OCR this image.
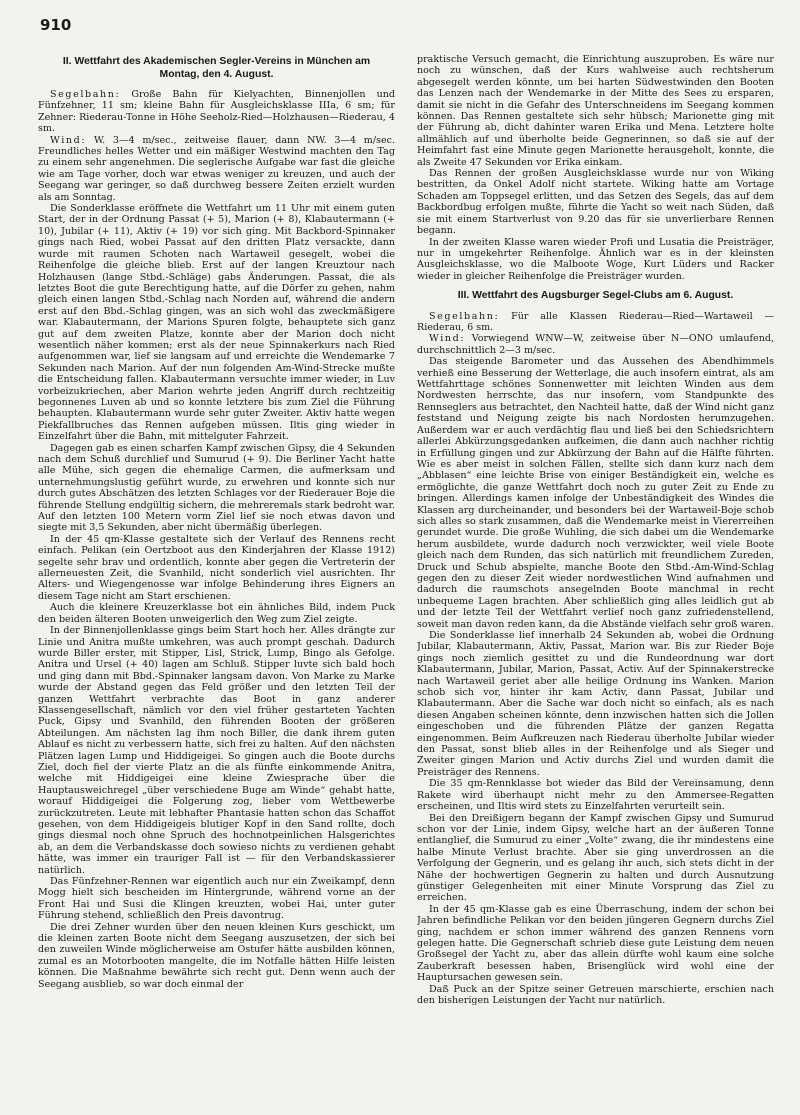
910
II. Wettfahrt des Akademischen Segler-Vereins in München am Montag, den 4. August.

Segelbahn: Große Bahn für Kielyachten, Binnenjollen und Fünfzehner, 11 sm; kleine Bahn für Ausgleichsklasse IIIa, 6 sm; für Zehner: Riederau-Tonne in Höhe Seeholz-Ried—Holzhausen—Riederau, 4 sm.

Wind: W. 3—4 m/sec., zeitweise flauer, dann NW. 3—4 m/sec. Freundliches helles Wetter und ein mäßiger Westwind machten den Tag zu einem sehr angenehmen. Die seglerische Aufgabe war fast die gleiche wie am Tage vorher, doch war etwas weniger zu kreuzen, und auch der Seegang war geringer, so daß durchweg bessere Zeiten erzielt wurden als am Sonntag.

Die Sonderklasse eröffnete die Wettfahrt um 11 Uhr mit einem guten Start, der in der Ordnung Passat (+ 5), Marion (+ 8), Klabautermann (+ 10), Jubilar (+ 11), Aktiv (+ 19) vor sich ging. Mit Backbord-Spinnaker gings nach Ried, wobei Passat auf den dritten Platz versackte, dann wurde mit raumen Schoten nach Wartaweil gesegelt, wobei die Reihenfolge die gleiche blieb. Erst auf der langen Kreuztour nach Holzhausen (lange Stbd.-Schläge) gabs Änderungen. Passat, die als letztes Boot die gute Berechtigung hatte, auf die Dörfer zu gehen, nahm gleich einen langen Stbd.-Schlag nach Norden auf, während die andern erst auf den Bbd.-Schlag gingen, was an sich wohl das zweckmäßigere war. Klabautermann, der Marions Spuren folgte, behauptete sich ganz gut auf dem zweiten Platze, konnte aber der Marion doch nicht wesentlich näher kommen; erst als der neue Spinnakerkurs nach Ried aufgenommen war, lief sie langsam auf und erreichte die Wendemarke 7 Sekunden nach Marion. Auf der nun folgenden Am-Wind-Strecke mußte die Entscheidung fallen. Klabautermann versuchte immer wieder, in Luv vorbeizukriechen, aber Marion wehrte jeden Angriff durch rechtzeitig begonnenes Luven ab und so konnte letztere bis zum Ziel die Führung behaupten. Klabautermann wurde sehr guter Zweiter. Aktiv hatte wegen Piekfallbruches das Rennen aufgeben müssen. Iltis ging wieder in Einzelfahrt über die Bahn, mit mittelguter Fahrzeit.

Dagegen gab es einen scharfen Kampf zwischen Gipsy, die 4 Sekunden nach dem Schuß durchlief und Sumurud (+ 9). Die Berliner Yacht hatte alle Mühe, sich gegen die ehemalige Carmen, die aufmerksam und unternehmungslustig geführt wurde, zu erwehren und konnte sich nur durch gutes Abschätzen des letzten Schlages vor der Riederauer Boje die führende Stellung endgültig sichern, die mehreremals stark bedroht war. Auf den letzten 100 Metern vorm Ziel lief sie noch etwas davon und siegte mit 3,5 Sekunden, aber nicht übermäßig überlegen.

In der 45 qm-Klasse gestaltete sich der Verlauf des Rennens recht einfach. Pelikan (ein Oertzboot aus den Kinderjahren der Klasse 1912) segelte sehr brav und ordentlich, konnte aber gegen die Vertreterin der allerneuesten Zeit, die Svanhild, nicht sonderlich viel ausrichten. Ihr Alters- und Wiegengenosse war infolge Behinderung ihres Eigners an diesem Tage nicht am Start erschienen.

Auch die kleinere Kreuzerklasse bot ein ähnliches Bild, indem Puck den beiden älteren Booten unweigerlich den Weg zum Ziel zeigte.

In der Binnenjollenklasse gings beim Start hoch her. Alles drängte zur Linie und Anitra mußte umkehren, was auch prompt geschah. Dadurch wurde Biller erster, mit Stipper, Lisl, Strick, Lump, Bingo als Gefolge. Anitra und Ursel (+ 40) lagen am Schluß. Stipper luvte sich bald hoch und ging dann mit Bbd.-Spinnaker langsam davon. Von Marke zu Marke wurde der Abstand gegen das Feld größer und den letzten Teil der ganzen Wettfahrt verbrachte das Boot in ganz anderer Klassengesellschaft, nämlich vor den viel früher gestarteten Yachten Puck, Gipsy und Svanhild, den führenden Booten der größeren Abteilungen. Am nächsten lag ihm noch Biller, die dank ihrem guten Ablauf es nicht zu verbessern hatte, sich frei zu halten. Auf den nächsten Plätzen lagen Lump und Hiddigeigei. So gingen auch die Boote durchs Ziel, doch fiel der vierte Platz an die als fünfte einkommende Anitra, welche mit Hiddigeigei eine kleine Zwiesprache über die Hauptausweichregel „über verschiedene Buge am Winde“ gehabt hatte, worauf Hiddigeigei die Folgerung zog, lieber vom Wettbewerbe zurückzutreten. Leute mit lebhafter Phantasie hatten schon das Schaffot gesehen, von dem Hiddigeigeis blutiger Kopf in den Sand rollte, doch gings diesmal noch ohne Spruch des hochnotpeinlichen Halsgerichtes ab, an dem die Verbandskasse doch sowieso nichts zu verdienen gehabt hätte, was immer ein trauriger Fall ist — für den Verbandskassierer natürlich.

Das Fünfzehner-Rennen war eigentlich auch nur ein Zweikampf, denn Mogg hielt sich bescheiden im Hintergrunde, während vorne an der Front Hai und Susi die Klingen kreuzten, wobei Hai, unter guter Führung stehend, schließlich den Preis davontrug.

Die drei Zehner wurden über den neuen kleinen Kurs geschickt, um die kleinen zarten Boote nicht dem Seegang auszusetzen, der sich bei den zuweilen Winde möglicherweise am Ostufer hätte ausbilden können, zumal es an Motorbooten mangelte, die im Notfalle hätten Hilfe leisten können. Die Maßnahme bewährte sich recht gut. Denn wenn auch der Seegang ausblieb, so war doch einmal der

praktische Versuch gemacht, die Einrichtung auszuproben. Es wäre nur noch zu wünschen, daß der Kurs wahlweise auch rechtsherum abgesegelt werden könnte, um bei harten Südwestwinden den Booten das Lenzen nach der Wendemarke in der Mitte des Sees zu ersparen, damit sie nicht in die Gefahr des Unterschneidens im Seegang kommen können. Das Rennen gestaltete sich sehr hübsch; Marionette ging mit der Führung ab, dicht dahinter waren Erika und Mena. Letztere holte allmählich auf und überholte beide Gegnerinnen, so daß sie auf der Heimfahrt fast eine Minute gegen Marionette herausgeholt, konnte, die als Zweite 47 Sekunden vor Erika einkam.

Das Rennen der großen Ausgleichsklasse wurde nur von Wiking bestritten, da Onkel Adolf nicht startete. Wiking hatte am Vortage Schaden am Toppsegel erlitten, und das Setzen des Segels, das auf dem Backbordbug erfolgen mußte, führte die Yacht so weit nach Süden, daß sie mit einem Startverlust von 9.20 das für sie unverlierbare Rennen begann.

In der zweiten Klasse waren wieder Profi und Lusatia die Preisträger, nur in umgekehrter Reihenfolge. Ähnlich war es in der kleinsten Ausgleichsklasse, wo die Malboote Woge, Kurt Lüders und Racker wieder in gleicher Reihenfolge die Preisträger wurden.

III. Wettfahrt des Augsburger Segel-Clubs am 6. August.

Segelbahn: Für alle Klassen Riederau—Ried—Wartaweil —Riederau, 6 sm.

Wind: Vorwiegend WNW—W, zeitweise über N—ONO umlaufend, durchschnittlich 2—3 m/sec.

Das steigende Barometer und das Aussehen des Abendhimmels verhieß eine Besserung der Wetterlage, die auch insofern eintrat, als am Wettfahrttage schönes Sonnenwetter mit leichten Winden aus dem Nordwesten herrschte, das nur insofern, vom Standpunkte des Rennseglers aus betrachtet, den Nachteil hatte, daß der Wind nicht ganz feststand und Neigung zeigte bis nach Nordosten herumzugehen. Außerdem war er auch verdächtig flau und ließ bei den Schiedsrichtern allerlei Abkürzungsgedanken aufkeimen, die dann auch nachher richtig in Erfüllung gingen und zur Abkürzung der Bahn auf die Hälfte führten. Wie es aber meist in solchen Fällen, stellte sich dann kurz nach dem „Abblasen“ eine leichte Brise von einiger Beständigkeit ein, welche es ermöglichte, die ganze Wettfahrt doch noch zu guter Zeit zu Ende zu bringen. Allerdings kamen infolge der Unbeständigkeit des Windes die Klassen arg durcheinander, und besonders bei der Wartaweil-Boje schob sich alles so stark zusammen, daß die Wendemarke meist in Viererreihen gerundet wurde. Die große Wuhling, die sich dabei um die Wendemarke herum ausbildete, wurde dadurch noch verzwickter, weil viele Boote gleich nach dem Runden, das sich natürlich mit freundlichem Zureden, Druck und Schub abspielte, manche Boote den Stbd.-Am-Wind-Schlag gegen den zu dieser Zeit wieder nordwestlichen Wind aufnahmen und dadurch die raumschots ansegelnden Boote manchmal in recht unbequeme Lagen brachten. Aber schließlich ging alles leidlich gut ab und der letzte Teil der Wettfahrt verlief noch ganz zufriedenstellend, soweit man davon reden kann, da die Abstände vielfach sehr groß waren.

Die Sonderklasse lief innerhalb 24 Sekunden ab, wobei die Ordnung Jubilar, Klabautermann, Aktiv, Passat, Marion war. Bis zur Rieder Boje gings noch ziemlich gesittet zu und die Rundeordnung war dort Klabautermann, Jubilar, Marion, Passat, Activ. Auf der Spinnakerstrecke nach Wartaweil geriet aber alle heilige Ordnung ins Wanken. Marion schob sich vor, hinter ihr kam Activ, dann Passat, Jubilar und Klabautermann. Aber die Sache war doch nicht so einfach, als es nach diesen Angaben scheinen könnte, denn inzwischen hatten sich die Jollen eingeschoben und die führenden Plätze der ganzen Regatta eingenommen. Beim Aufkreuzen nach Riederau überholte Jubilar wieder den Passat, sonst blieb alles in der Reihenfolge und als Sieger und Zweiter gingen Marion und Activ durchs Ziel und wurden damit die Preisträger des Rennens.

Die 35 qm-Rennklasse bot wieder das Bild der Vereinsamung, denn Rakete wird überhaupt nicht mehr zu den Ammersee-Regatten erscheinen, und Iltis wird stets zu Einzelfahrten verurteilt sein.

Bei den Dreißigern begann der Kampf zwischen Gipsy und Sumurud schon vor der Linie, indem Gipsy, welche hart an der äußeren Tonne entlanglief, die Sumurud zu einer „Volte“ zwang, die ihr mindestens eine halbe Minute Verlust brachte. Aber sie ging unverdrossen an die Verfolgung der Gegnerin, und es gelang ihr auch, sich stets dicht in der Nähe der hochwertigen Gegnerin zu halten und durch Ausnutzung günstiger Gelegenheiten mit einer Minute Vorsprung das Ziel zu erreichen.

In der 45 qm-Klasse gab es eine Überraschung, indem der schon bei Jahren befindliche Pelikan vor den beiden jüngeren Gegnern durchs Ziel ging, nachdem er schon immer während des ganzen Rennens vorn gelegen hatte. Die Gegnerschaft schrieb diese gute Leistung dem neuen Großsegel der Yacht zu, aber das allein dürfte wohl kaum eine solche Zauberkraft besessen haben, Brisenglück wird wohl eine der Hauptursachen gewesen sein.

Daß Puck an der Spitze seiner Getreuen marschierte, erschien nach den bisherigen Leistungen der Yacht nur natürlich.
